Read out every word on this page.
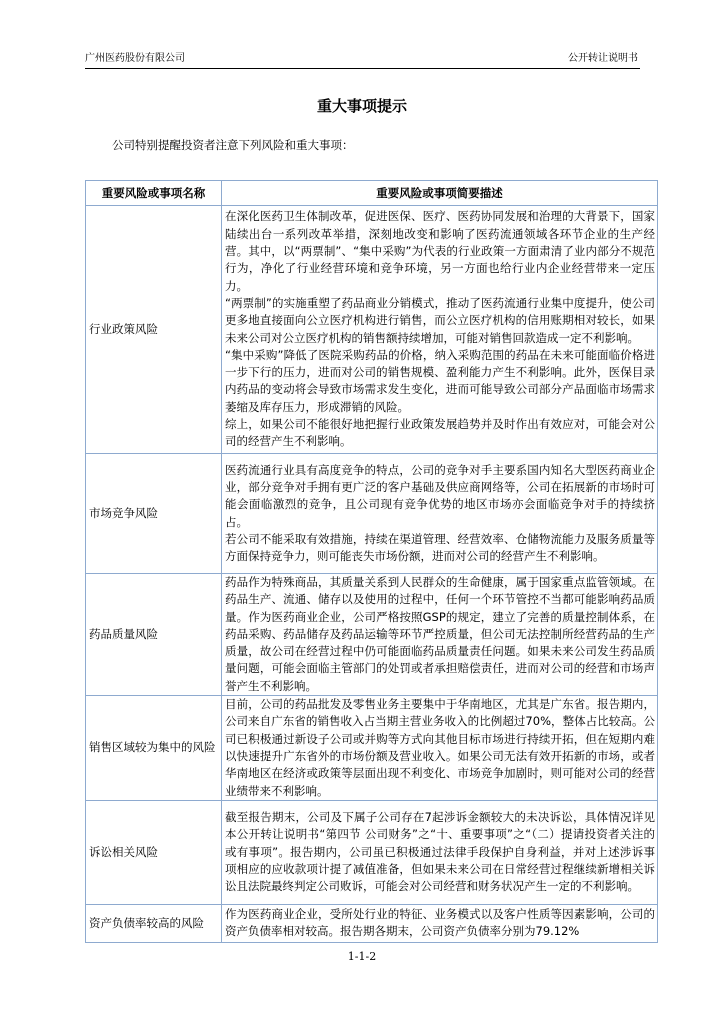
广州医药股份有限公司	公开转让说明书
重大事项提示
公司特别提醒投资者注意下列风险和重大事项：
重要风险或事项名称	重要风险或事项简要描述
行业政策风险	在深化医药卫生体制改革，促进医保、医疗、医药协同发展和治理的大背景下，国家陆续出台一系列改革举措，深刻地改变和影响了医药流通领域各环节企业的生产经营。其中，以“两票制”、“集中采购”为代表的行业政策一方面肃清了业内部分不规范行为，净化了行业经营环境和竞争环境，另一方面也给行业内企业经营带来一定压力。

“两票制”的实施重塑了药品商业分销模式，推动了医药流通行业集中度提升，使公司更多地直接面向公立医疗机构进行销售，而公立医疗机构的信用账期相对较长，如果未来公司对公立医疗机构的销售额持续增加，可能对销售回款造成一定不利影响。

“集中采购”降低了医院采购药品的价格，纳入采购范围的药品在未来可能面临价格进一步下行的压力，进而对公司的销售规模、盈利能力产生不利影响。此外，医保目录内药品的变动将会导致市场需求发生变化，进而可能导致公司部分产品面临市场需求萎缩及库存压力，形成滞销的风险。

综上，如果公司不能很好地把握行业政策发展趋势并及时作出有效应对，可能会对公司的经营产生不利影响。

市场竞争风险	医药流通行业具有高度竞争的特点，公司的竞争对手主要系国内知名大型医药商业企业，部分竞争对手拥有更广泛的客户基础及供应商网络等，公司在拓展新的市场时可能会面临激烈的竞争，且公司现有竞争优势的地区市场亦会面临竞争对手的持续挤占。

若公司不能采取有效措施，持续在渠道管理、经营效率、仓储物流能力及服务质量等方面保持竞争力，则可能丧失市场份额，进而对公司的经营产生不利影响。

药品质量风险	药品作为特殊商品，其质量关系到人民群众的生命健康，属于国家重点监管领域。在药品生产、流通、储存以及使用的过程中，任何一个环节管控不当都可能影响药品质量。作为医药商业企业，公司严格按照GSP的规定，建立了完善的质量控制体系，在药品采购、药品储存及药品运输等环节严控质量，但公司无法控制所经营药品的生产质量，故公司在经营过程中仍可能面临药品质量责任问题。如果未来公司发生药品质量问题，可能会面临主管部门的处罚或者承担赔偿责任，进而对公司的经营和市场声誉产生不利影响。

销售区域较为集中的风险	目前，公司的药品批发及零售业务主要集中于华南地区，尤其是广东省。报告期内，公司来自广东省的销售收入占当期主营业务收入的比例超过70%，整体占比较高。公司已积极通过新设子公司或并购等方式向其他目标市场进行持续开拓，但在短期内难以快速提升广东省外的市场份额及营业收入。如果公司无法有效开拓新的市场，或者华南地区在经济或政策等层面出现不利变化、市场竞争加剧时，则可能对公司的经营业绩带来不利影响。

诉讼相关风险	截至报告期末，公司及下属子公司存在7起涉诉金额较大的未决诉讼，具体情况详见本公开转让说明书“第四节 公司财务”之“十、重要事项”之“（二）提请投资者关注的或有事项”。报告期内，公司虽已积极通过法律手段保护自身利益，并对上述涉诉事项相应的应收款项计提了减值准备，但如果未来公司在日常经营过程继续新增相关诉讼且法院最终判定公司败诉，可能会对公司经营和财务状况产生一定的不利影响。

资产负债率较高的风险	作为医药商业企业，受所处行业的特征、业务模式以及客户性质等因素影响，公司的资产负债率相对较高。报告期各期末，公司资产负债率分别为79.12%

1-1-2
